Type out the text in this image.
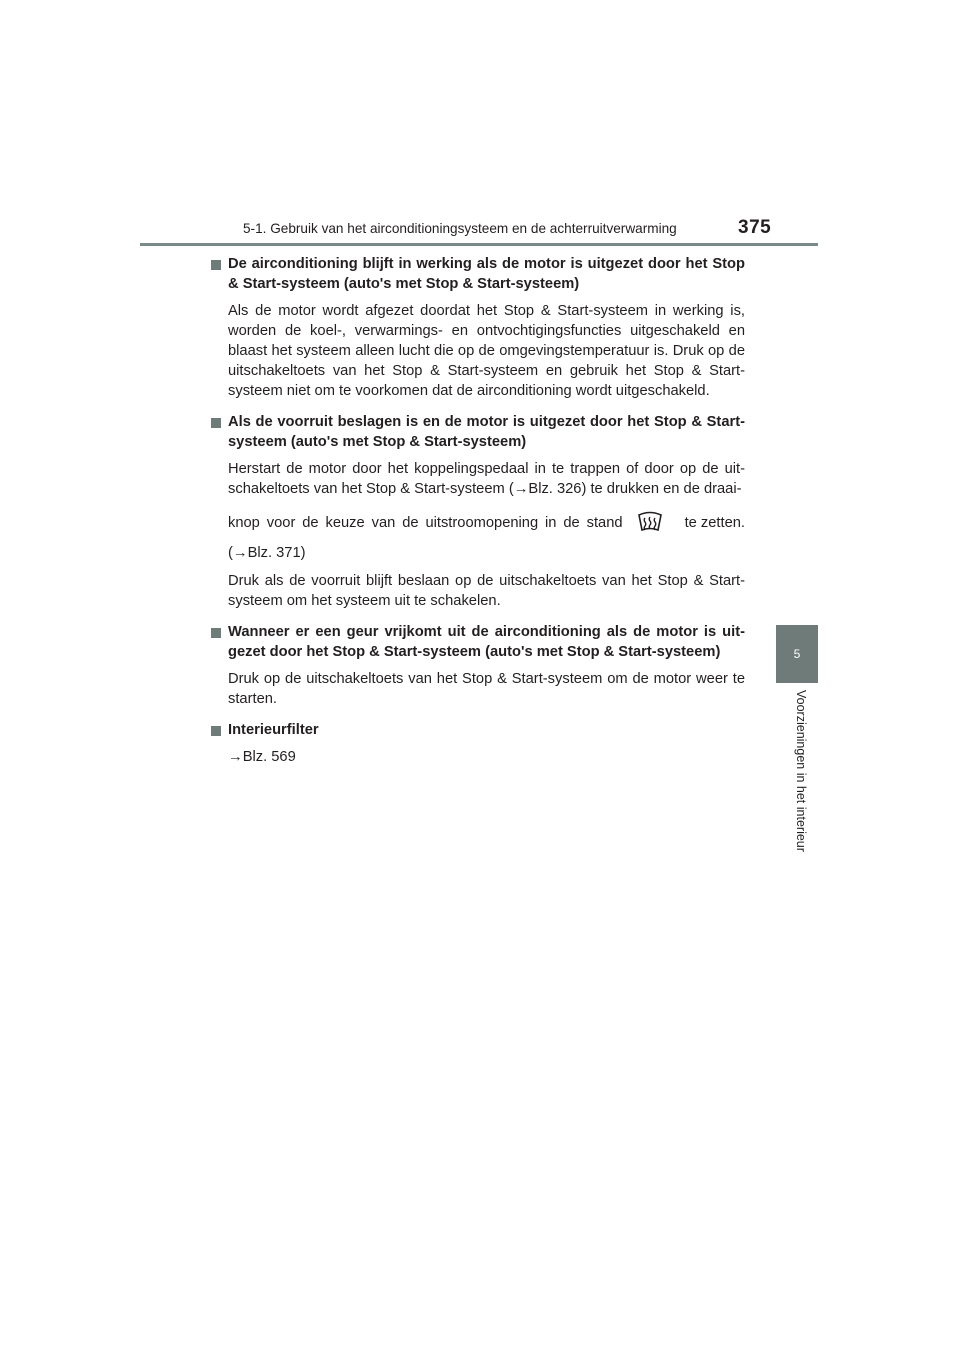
5-1. Gebruik van het airconditioningsysteem en de achterruitverwarming	375
5
Voorzieningen in het interieur
De airconditioning blijft in werking als de motor is uitgezet door het Stop & Start-systeem (auto's met Stop & Start-systeem)
Als de motor wordt afgezet doordat het Stop & Start-systeem in werking is, worden de koel-, verwarmings- en ontvochtigingsfuncties uitgeschakeld en blaast het systeem alleen lucht die op de omgevingstemperatuur is. Druk op de uitschakeltoets van het Stop & Start-systeem en gebruik het Stop & Start-systeem niet om te voorkomen dat de airconditioning wordt uitgeschakeld.
Als de voorruit beslagen is en de motor is uitgezet door het Stop & Start-systeem (auto's met Stop & Start-systeem)
Herstart de motor door het koppelingspedaal in te trappen of door op de uit-schakeltoets van het Stop & Start-systeem (→Blz. 326) te drukken en de draai-
knop voor de keuze van de uitstroomopening in de stand	te zetten.
(→Blz. 371)
Druk als de voorruit blijft beslaan op de uitschakeltoets van het Stop & Start-systeem om het systeem uit te schakelen.
Wanneer er een geur vrijkomt uit de airconditioning als de motor is uit-gezet door het Stop & Start-systeem (auto's met Stop & Start-systeem)
Druk op de uitschakeltoets van het Stop & Start-systeem om de motor weer te starten.
Interieurfilter
→Blz. 569
